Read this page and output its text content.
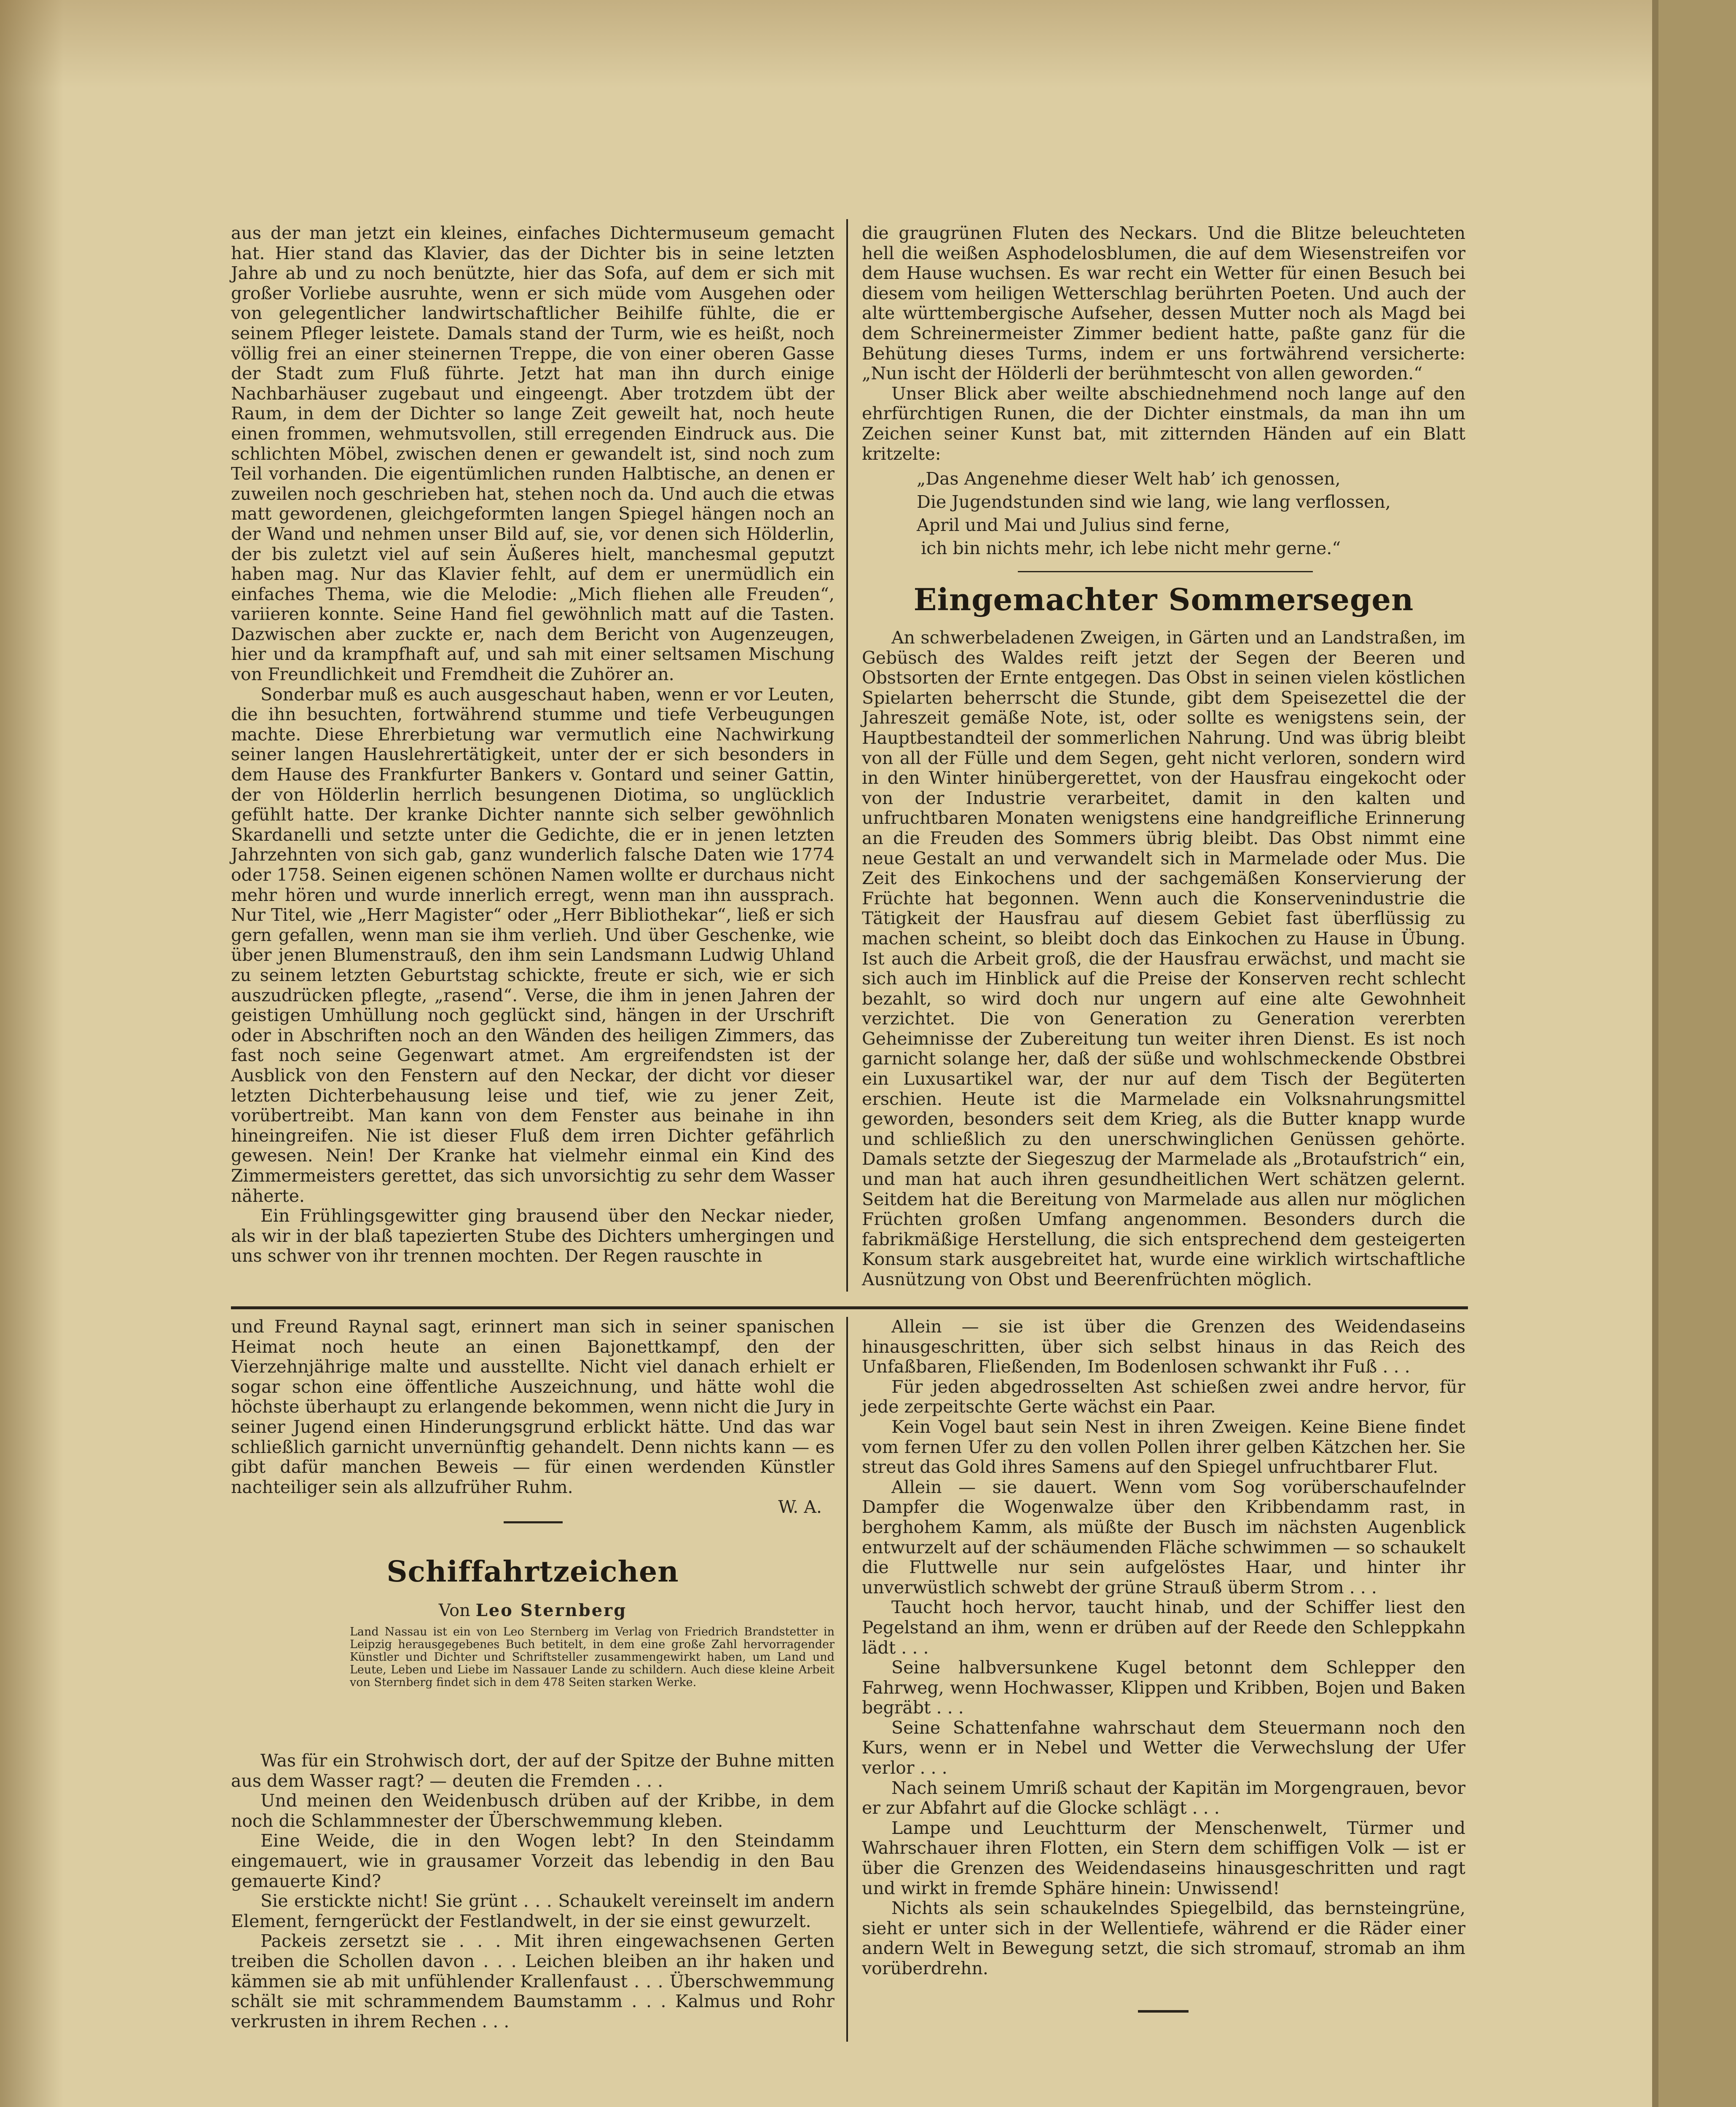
aus der man jetzt ein kleines, einfaches Dichtermuseum gemacht hat. Hier stand das Klavier, das der Dichter bis in seine letzten Jahre ab und zu noch benützte, hier das Sofa, auf dem er sich mit großer Vorliebe ausruhte, wenn er sich müde vom Ausgehen oder von gelegentlicher landwirtschaftlicher Beihilfe fühlte, die er seinem Pfleger leistete. Damals stand der Turm, wie es heißt, noch völlig frei an einer steinernen Treppe, die von einer oberen Gasse der Stadt zum Fluß führte. Jetzt hat man ihn durch einige Nachbarhäuser zugebaut und eingeengt. Aber trotzdem übt der Raum, in dem der Dichter so lange Zeit geweilt hat, noch heute einen frommen, wehmutsvollen, still erregenden Eindruck aus. Die schlichten Möbel, zwischen denen er gewandelt ist, sind noch zum Teil vorhanden. Die eigentümlichen runden Halbtische, an denen er zuweilen noch geschrieben hat, stehen noch da. Und auch die etwas matt gewordenen, gleichgeformten langen Spiegel hängen noch an der Wand und nehmen unser Bild auf, sie, vor denen sich Hölderlin, der bis zuletzt viel auf sein Äußeres hielt, manchesmal geputzt haben mag. Nur das Klavier fehlt, auf dem er unermüdlich ein einfaches Thema, wie die Melodie: „Mich fliehen alle Freuden“, variieren konnte. Seine Hand fiel gewöhnlich matt auf die Tasten. Dazwischen aber zuckte er, nach dem Bericht von Augenzeugen, hier und da krampfhaft auf, und sah mit einer seltsamen Mischung von Freundlichkeit und Fremdheit die Zuhörer an.

Sonderbar muß es auch ausgeschaut haben, wenn er vor Leuten, die ihn besuchten, fortwährend stumme und tiefe Verbeugungen machte. Diese Ehrerbietung war vermutlich eine Nachwirkung seiner langen Hauslehrertätigkeit, unter der er sich besonders in dem Hause des Frankfurter Bankers v. Gontard und seiner Gattin, der von Hölderlin herrlich besungenen Diotima, so unglücklich gefühlt hatte. Der kranke Dichter nannte sich selber gewöhnlich Skardanelli und setzte unter die Gedichte, die er in jenen letzten Jahrzehnten von sich gab, ganz wunderlich falsche Daten wie 1774 oder 1758. Seinen eigenen schönen Namen wollte er durchaus nicht mehr hören und wurde innerlich erregt, wenn man ihn aussprach. Nur Titel, wie „Herr Magister“ oder „Herr Bibliothekar“, ließ er sich gern gefallen, wenn man sie ihm verlieh. Und über Geschenke, wie über jenen Blumenstrauß, den ihm sein Landsmann Ludwig Uhland zu seinem letzten Geburtstag schickte, freute er sich, wie er sich auszudrücken pflegte, „rasend“. Verse, die ihm in jenen Jahren der geistigen Umhüllung noch geglückt sind, hängen in der Urschrift oder in Abschriften noch an den Wänden des heiligen Zimmers, das fast noch seine Gegenwart atmet. Am ergreifendsten ist der Ausblick von den Fenstern auf den Neckar, der dicht vor dieser letzten Dichterbehausung leise und tief, wie zu jener Zeit, vorübertreibt. Man kann von dem Fenster aus beinahe in ihn hineingreifen. Nie ist dieser Fluß dem irren Dichter gefährlich gewesen. Nein! Der Kranke hat vielmehr einmal ein Kind des Zimmermeisters gerettet, das sich unvorsichtig zu sehr dem Wasser näherte.

Ein Frühlingsgewitter ging brausend über den Neckar nieder, als wir in der blaß tapezierten Stube des Dichters umhergingen und uns schwer von ihr trennen mochten. Der Regen rauschte in

die graugrünen Fluten des Neckars. Und die Blitze beleuchteten hell die weißen Asphodelosblumen, die auf dem Wiesenstreifen vor dem Hause wuchsen. Es war recht ein Wetter für einen Besuch bei diesem vom heiligen Wetterschlag berührten Poeten. Und auch der alte württembergische Aufseher, dessen Mutter noch als Magd bei dem Schreinermeister Zimmer bedient hatte, paßte ganz für die Behütung dieses Turms, indem er uns fortwährend versicherte: „Nun ischt der Hölderli der berühmtescht von allen geworden.“

Unser Blick aber weilte abschiednehmend noch lange auf den ehrfürchtigen Runen, die der Dichter einstmals, da man ihn um Zeichen seiner Kunst bat, mit zitternden Händen auf ein Blatt kritzelte:

„Das Angenehme dieser Welt hab’ ich genossen,
Die Jugendstunden sind wie lang, wie lang verflossen,
April und Mai und Julius sind ferne,
ich bin nichts mehr, ich lebe nicht mehr gerne.“
Eingemachter Sommersegen

An schwerbeladenen Zweigen, in Gärten und an Landstraßen, im Gebüsch des Waldes reift jetzt der Segen der Beeren und Obstsorten der Ernte entgegen. Das Obst in seinen vielen köstlichen Spielarten beherrscht die Stunde, gibt dem Speisezettel die der Jahreszeit gemäße Note, ist, oder sollte es wenigstens sein, der Hauptbestandteil der sommerlichen Nahrung. Und was übrig bleibt von all der Fülle und dem Segen, geht nicht verloren, sondern wird in den Winter hinübergerettet, von der Hausfrau eingekocht oder von der Industrie verarbeitet, damit in den kalten und unfruchtbaren Monaten wenigstens eine handgreifliche Erinnerung an die Freuden des Sommers übrig bleibt. Das Obst nimmt eine neue Gestalt an und verwandelt sich in Marmelade oder Mus. Die Zeit des Einkochens und der sachgemäßen Konservierung der Früchte hat begonnen. Wenn auch die Konservenindustrie die Tätigkeit der Hausfrau auf diesem Gebiet fast überflüssig zu machen scheint, so bleibt doch das Einkochen zu Hause in Übung. Ist auch die Arbeit groß, die der Hausfrau erwächst, und macht sie sich auch im Hinblick auf die Preise der Konserven recht schlecht bezahlt, so wird doch nur ungern auf eine alte Gewohnheit verzichtet. Die von Generation zu Generation vererbten Geheimnisse der Zubereitung tun weiter ihren Dienst. Es ist noch garnicht solange her, daß der süße und wohlschmeckende Obstbrei ein Luxusartikel war, der nur auf dem Tisch der Begüterten erschien. Heute ist die Marmelade ein Volksnahrungsmittel geworden, besonders seit dem Krieg, als die Butter knapp wurde und schließlich zu den unerschwinglichen Genüssen gehörte. Damals setzte der Siegeszug der Marmelade als „Brotaufstrich“ ein, und man hat auch ihren gesundheitlichen Wert schätzen gelernt. Seitdem hat die Bereitung von Marmelade aus allen nur möglichen Früchten großen Umfang angenommen. Besonders durch die fabrikmäßige Herstellung, die sich entsprechend dem gesteigerten Konsum stark ausgebreitet hat, wurde eine wirklich wirtschaftliche Ausnützung von Obst und Beerenfrüchten möglich.

und Freund Raynal sagt, erinnert man sich in seiner spanischen Heimat noch heute an einen Bajonettkampf, den der Vierzehnjährige malte und ausstellte. Nicht viel danach erhielt er sogar schon eine öffentliche Auszeichnung, und hätte wohl die höchste überhaupt zu erlangende bekommen, wenn nicht die Jury in seiner Jugend einen Hinderungsgrund erblickt hätte. Und das war schließlich garnicht unvernünftig gehandelt. Denn nichts kann — es gibt dafür manchen Beweis — für einen werdenden Künstler nachteiliger sein als allzufrüher Ruhm.

W. A.
Schiffahrtzeichen
Von Leo Sternberg
Land Nassau ist ein von Leo Sternberg im Verlag von Friedrich Brandstetter in Leipzig herausgegebenes Buch betitelt, in dem eine große Zahl hervorragender Künstler und Dichter und Schriftsteller zusammengewirkt haben, um Land und Leute, Leben und Liebe im Nassauer Lande zu schildern. Auch diese kleine Arbeit von Sternberg findet sich in dem 478 Seiten starken Werke.

Was für ein Strohwisch dort, der auf der Spitze der Buhne mitten aus dem Wasser ragt? — deuten die Fremden . . .

Und meinen den Weidenbusch drüben auf der Kribbe, in dem noch die Schlammnester der Überschwemmung kleben.

Eine Weide, die in den Wogen lebt? In den Steindamm eingemauert, wie in grausamer Vorzeit das lebendig in den Bau gemauerte Kind?

Sie erstickte nicht! Sie grünt . . . Schaukelt vereinselt im andern Element, ferngerückt der Festlandwelt, in der sie einst gewurzelt.

Packeis zersetzt sie . . . Mit ihren eingewachsenen Gerten treiben die Schollen davon . . . Leichen bleiben an ihr haken und kämmen sie ab mit unfühlender Krallenfaust . . . Überschwemmung schält sie mit schrammendem Baumstamm . . . Kalmus und Rohr verkrusten in ihrem Rechen . . .

Allein — sie ist über die Grenzen des Weidendaseins hinausgeschritten, über sich selbst hinaus in das Reich des Unfaßbaren, Fließenden, Im Bodenlosen schwankt ihr Fuß . . .

Für jeden abgedrosselten Ast schießen zwei andre hervor, für jede zerpeitschte Gerte wächst ein Paar.

Kein Vogel baut sein Nest in ihren Zweigen. Keine Biene findet vom fernen Ufer zu den vollen Pollen ihrer gelben Kätzchen her. Sie streut das Gold ihres Samens auf den Spiegel unfruchtbarer Flut.

Allein — sie dauert. Wenn vom Sog vorüberschaufelnder Dampfer die Wogenwalze über den Kribbendamm rast, in berghohem Kamm, als müßte der Busch im nächsten Augenblick entwurzelt auf der schäumenden Fläche schwimmen — so schaukelt die Fluttwelle nur sein aufgelöstes Haar, und hinter ihr unverwüstlich schwebt der grüne Strauß überm Strom . . .

Taucht hoch hervor, taucht hinab, und der Schiffer liest den Pegelstand an ihm, wenn er drüben auf der Reede den Schleppkahn lädt . . .

Seine halbversunkene Kugel betonnt dem Schlepper den Fahrweg, wenn Hochwasser, Klippen und Kribben, Bojen und Baken begräbt . . .

Seine Schattenfahne wahrschaut dem Steuermann noch den Kurs, wenn er in Nebel und Wetter die Verwechslung der Ufer verlor . . .

Nach seinem Umriß schaut der Kapitän im Morgengrauen, bevor er zur Abfahrt auf die Glocke schlägt . . .

Lampe und Leuchtturm der Menschenwelt, Türmer und Wahrschauer ihren Flotten, ein Stern dem schiffigen Volk — ist er über die Grenzen des Weidendaseins hinausgeschritten und ragt und wirkt in fremde Sphäre hinein: Unwissend!

Nichts als sein schaukelndes Spiegelbild, das bernsteingrüne, sieht er unter sich in der Wellentiefe, während er die Räder einer andern Welt in Bewegung setzt, die sich stromauf, stromab an ihm vorüberdrehn.
